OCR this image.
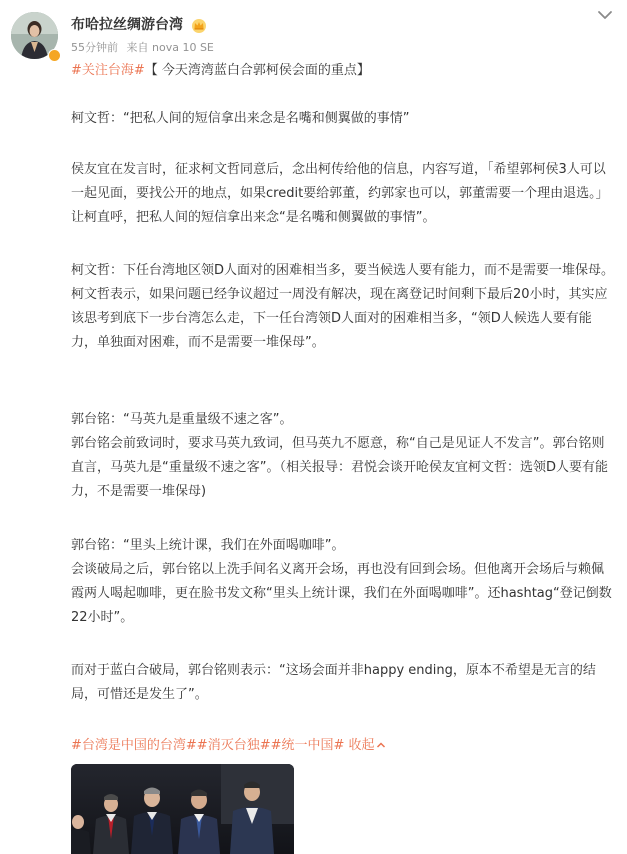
布哈拉丝绸游台湾
55分钟前 来自 nova 10 SE
#关注台海#【 今天湾湾蓝白合郭柯侯会面的重点】

柯文哲：“把私人间的短信拿出来念是名嘴和侧翼做的事情”

侯友宜在发言时，征求柯文哲同意后，念出柯传给他的信息，内容写道，「希望郭柯侯3人可以一起见面，要找公开的地点，如果credit要给郭董，约郭家也可以，郭董需要一个理由退选。」让柯直呼，把私人间的短信拿出来念“是名嘴和侧翼做的事情”。

柯文哲：下任台湾地区领D人面对的困难相当多，要当候选人要有能力，而不是需要一堆保母。

柯文哲表示，如果问题已经争议超过一周没有解决，现在离登记时间剩下最后20小时，其实应该思考到底下一步台湾怎么走，下一任台湾领D人面对的困难相当多，“领D人候选人要有能力，单独面对困难，而不是需要一堆保母”。

郭台铭：“马英九是重量级不速之客”。

郭台铭会前致词时，要求马英九致词，但马英九不愿意，称“自己是见证人不发言”。郭台铭则直言，马英九是“重量级不速之客”。（相关报导：君悦会谈开呛侯友宜柯文哲：选领D人要有能力，不是需要一堆保母)

郭台铭：“里头上统计课，我们在外面喝咖啡”。

会谈破局之后，郭台铭以上洗手间名义离开会场，再也没有回到会场。但他离开会场后与赖佩霞两人喝起咖啡，更在脸书发文称“里头上统计课，我们在外面喝咖啡”。还hashtag“登记倒数22小时”。

而对于蓝白合破局，郭台铭则表示：“这场会面并非happy ending，原本不希望是无言的结局，可惜还是发生了”。

#台湾是中国的台湾##消灭台独##统一中国# 收起
